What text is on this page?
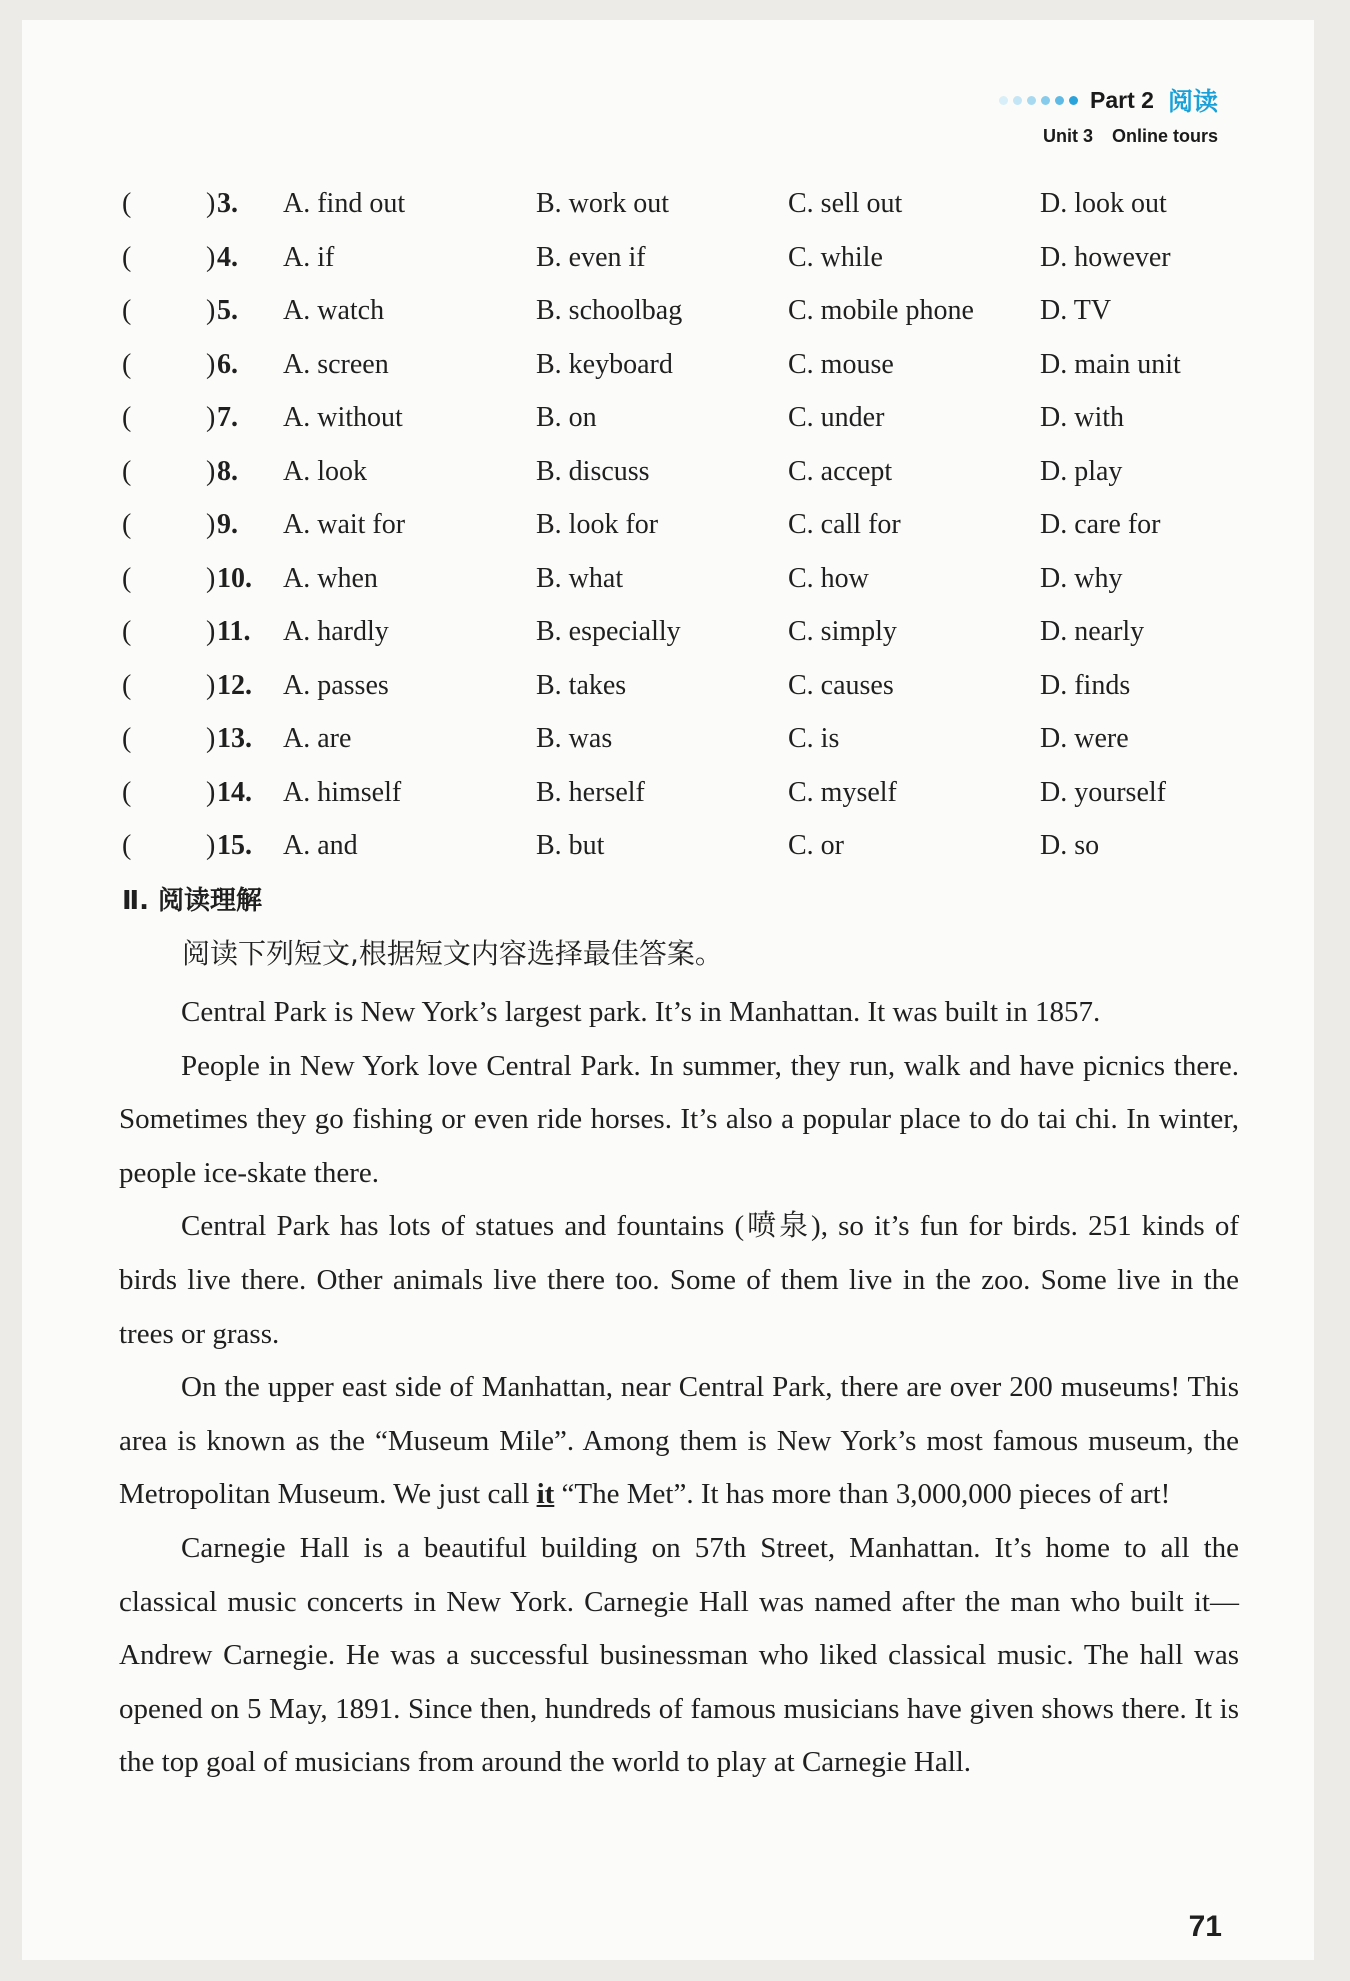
Part 2 阅读
Unit 3 Online tours
(	) 3. A. find out	B. work out	C. sell out	D. look out
(	) 4. A. if	B. even if	C. while	D. however
(	) 5. A. watch	B. schoolbag	C. mobile phone D. TV
(	) 6. A. screen	B. keyboard	C. mouse	D. main unit
(	) 7. A. without	B. on	C. under	D. with
(	) 8. A. look	B. discuss	C. accept	D. play
(	) 9. A. wait for	B. look for	C. call for	D. care for
(	) 10. A. when	B. what	C. how	D. why
(	) 11. A. hardly	B. especially	C. simply	D. nearly
(	) 12. A. passes	B. takes	C. causes	D. finds
(	) 13. A. are	B. was	C. is	D. were
(	) 14. A. himself	B. herself	C. myself	D. yourself
(	) 15. A. and	B. but	C. or	D. so
Ⅱ. 阅读理解
阅读下列短文,根据短文内容选择最佳答案。

Central Park is New York’s largest park. It’s in Manhattan. It was built in 1857.

People in New York love Central Park. In summer, they run, walk and have picnics there. Sometimes they go fishing or even ride horses. It’s also a popular place to do tai chi. In winter, people ice-skate there.

Central Park has lots of statues and fountains (喷泉), so it’s fun for birds. 251 kinds of birds live there. Other animals live there too. Some of them live in the zoo. Some live in the trees or grass.

On the upper east side of Manhattan, near Central Park, there are over 200 museums! This area is known as the “Museum Mile”. Among them is New York’s most famous museum, the Metropolitan Museum. We just call it “The Met”. It has more than 3,000,000 pieces of art!

Carnegie Hall is a beautiful building on 57th Street, Manhattan. It’s home to all the classical music concerts in New York. Carnegie Hall was named after the man who built it—Andrew Carnegie. He was a successful businessman who liked classical music. The hall was opened on 5 May, 1891. Since then, hundreds of famous musicians have given shows there. It is the top goal of musicians from around the world to play at Carnegie Hall.

71
